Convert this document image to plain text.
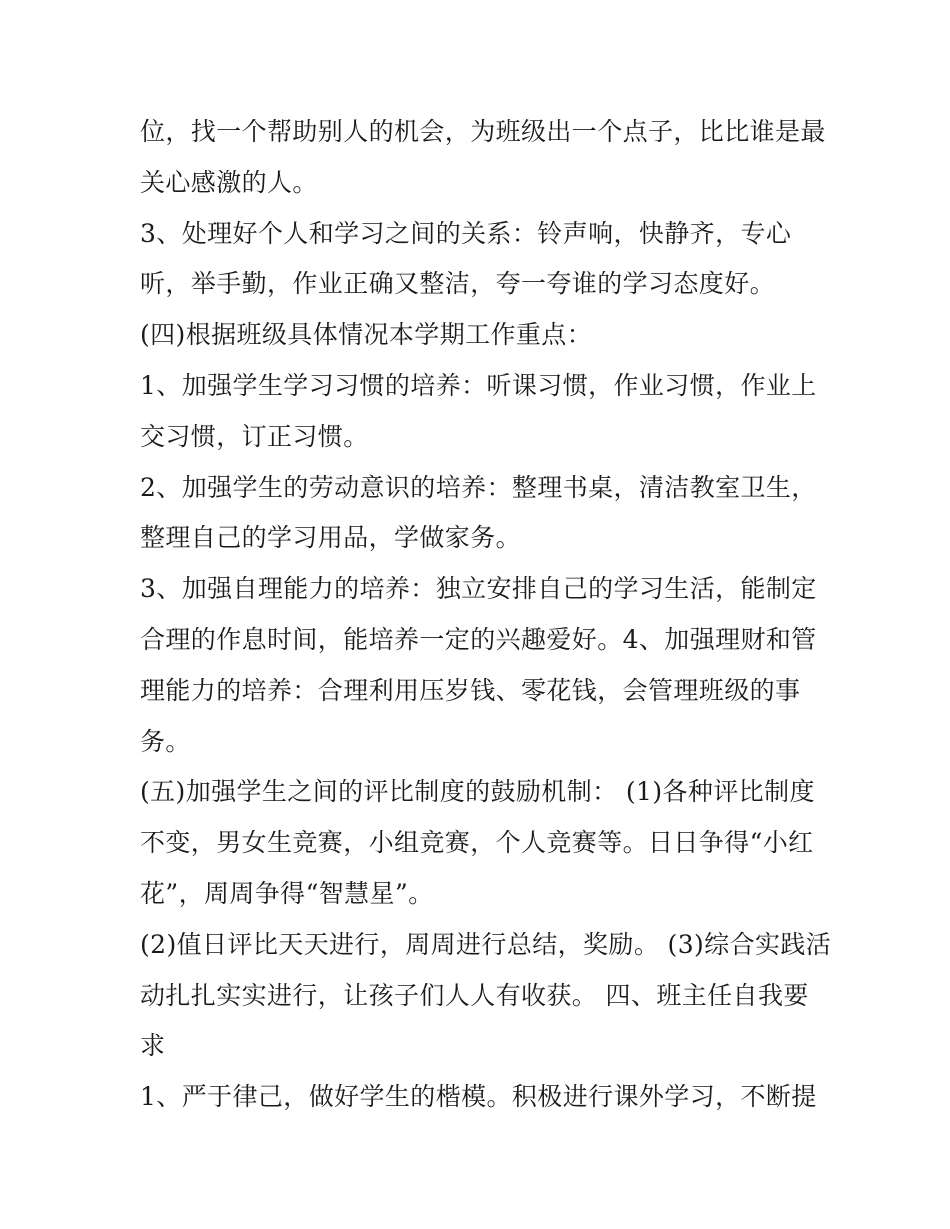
位，找一个帮助别人的机会，为班级出一个点子，比比谁是最
关心感激的人。
3、处理好个人和学习之间的关系：铃声响，快静齐，专心
听，举手勤，作业正确又整洁，夸一夸谁的学习态度好。
(四)根据班级具体情况本学期工作重点：
1、加强学生学习习惯的培养：听课习惯，作业习惯，作业上
交习惯，订正习惯。
2、加强学生的劳动意识的培养：整理书桌，清洁教室卫生，
整理自己的学习用品，学做家务。
3、加强自理能力的培养：独立安排自己的学习生活，能制定
合理的作息时间，能培养一定的兴趣爱好。4、加强理财和管
理能力的培养：合理利用压岁钱、零花钱，会管理班级的事
务。
(五)加强学生之间的评比制度的鼓励机制： (1)各种评比制度
不变，男女生竞赛，小组竞赛，个人竞赛等。日日争得“小红
花”，周周争得“智慧星”。
(2)值日评比天天进行，周周进行总结，奖励。 (3)综合实践活
动扎扎实实进行，让孩子们人人有收获。 四、班主任自我要
求
1、严于律己，做好学生的楷模。积极进行课外学习，不断提
